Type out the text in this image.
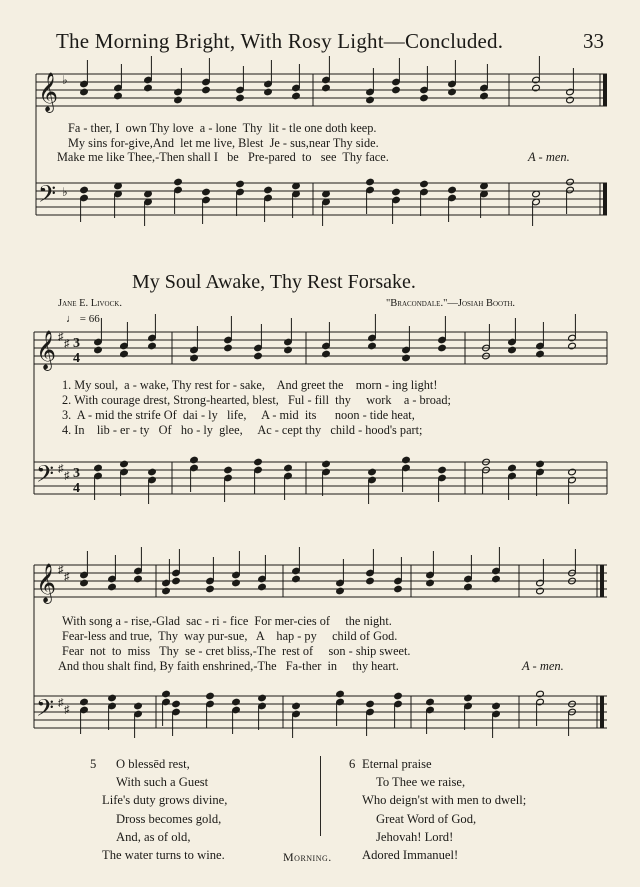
The Morning Bright, With Rosy Light—Concluded.	33
𝄞
𝄢
♭
♭
Fa - ther, I  own Thy love  a - lone  Thy  lit - tle one doth keep.
My sins for-give,And  let me live, Blest  Je - sus,near Thy side.
Make me like Thee,-Then shall I   be   Pre-pared  to   see  Thy face.	A - men.
My Soul Awake, Thy Rest Forsake.
Jane E. Livock.	"Bracondale."—Josiah Booth.
♩ = 66
𝄞
𝄢
♯
♯
♯
♯
3
4
3
4
1. My soul,  a - wake, Thy rest for - sake,    And greet the    morn - ing light!
2. With courage drest, Strong-hearted, blest,   Ful - fill  thy     work    a - broad;
3.  A - mid the strife Of  dai - ly   life,     A - mid  its      noon - tide heat,
4. In    lib - er - ty   Of   ho - ly  glee,     Ac - cept thy   child - hood's part;
𝄞
𝄢
♯
♯
♯
♯
With song a - rise,-Glad  sac - ri - fice  For mer-cies of     the night.
Fear-less and true,  Thy  way pur-sue,   A    hap - py     child of God.
Fear  not  to  miss   Thy  se - cret bliss,-The  rest of     son - ship sweet.
And thou shalt find, By faith enshrined,-The   Fa-ther  in     thy heart.	A - men.
5	O blessēd rest,
With such a Guest
Life's duty grows divine,
Dross becomes gold,
And, as of old,
The water turns to wine.
6 Eternal praise
To Thee we raise,
Who deign'st with men to dwell;
Great Word of God,
Jehovah! Lord!
Adored Immanuel!
Morning.
